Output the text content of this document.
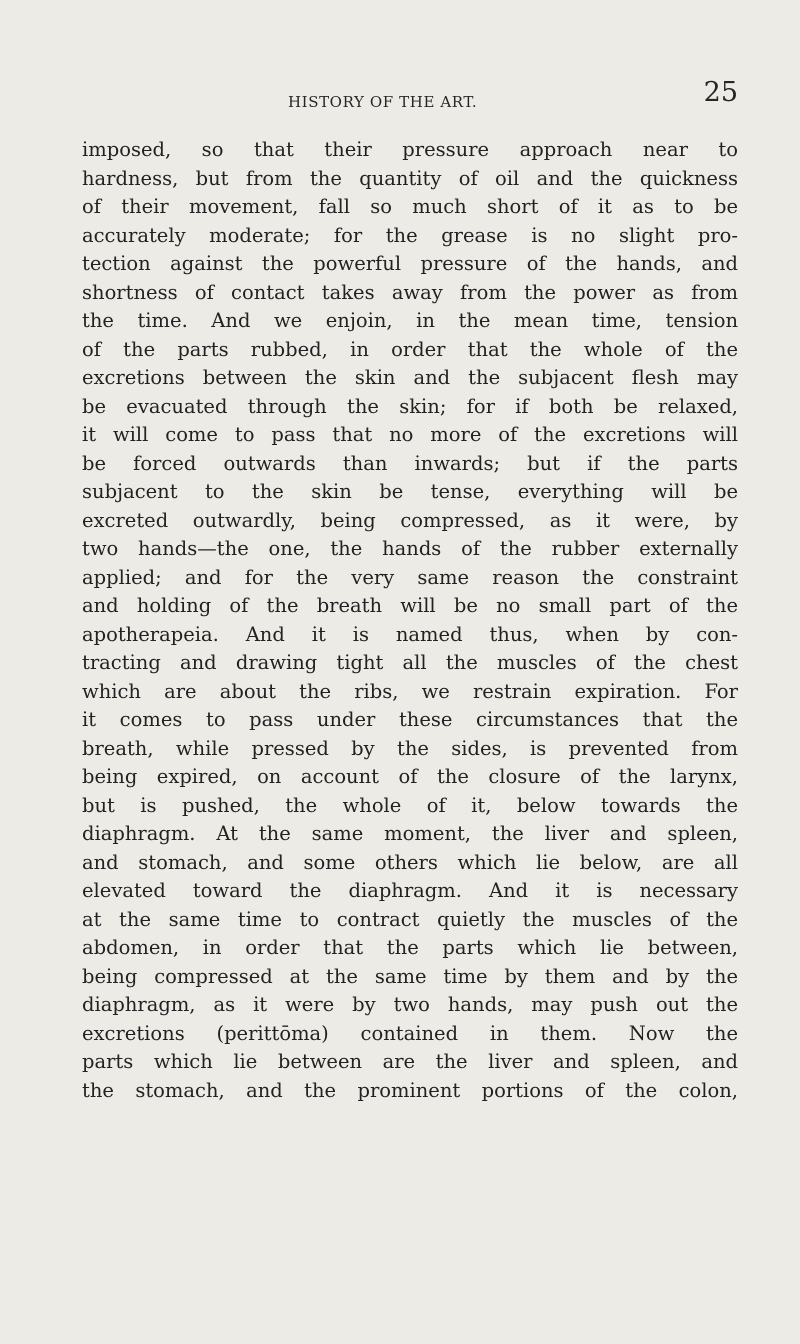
HISTORY OF THE ART.	25
imposed, so that their pressure approach near to
hardness, but from the quantity of oil and the quickness
of their movement, fall so much short of it as to be
accurately moderate; for the grease is no slight pro-
tection against the powerful pressure of the hands, and
shortness of contact takes away from the power as from
the time. And we enjoin, in the mean time, tension
of the parts rubbed, in order that the whole of the
excretions between the skin and the subjacent flesh may
be evacuated through the skin; for if both be relaxed,
it will come to pass that no more of the excretions will
be forced outwards than inwards; but if the parts
subjacent to the skin be tense, everything will be
excreted outwardly, being compressed, as it were, by
two hands—the one, the hands of the rubber externally
applied; and for the very same reason the constraint
and holding of the breath will be no small part of the
apotherapeia. And it is named thus, when by con-
tracting and drawing tight all the muscles of the chest
which are about the ribs, we restrain expiration. For
it comes to pass under these circumstances that the
breath, while pressed by the sides, is prevented from
being expired, on account of the closure of the larynx,
but is pushed, the whole of it, below towards the
diaphragm. At the same moment, the liver and spleen,
and stomach, and some others which lie below, are all
elevated toward the diaphragm. And it is necessary
at the same time to contract quietly the muscles of the
abdomen, in order that the parts which lie between,
being compressed at the same time by them and by the
diaphragm, as it were by two hands, may push out the
excretions (perittōma) contained in them. Now the
parts which lie between are the liver and spleen, and
the stomach, and the prominent portions of the colon,
